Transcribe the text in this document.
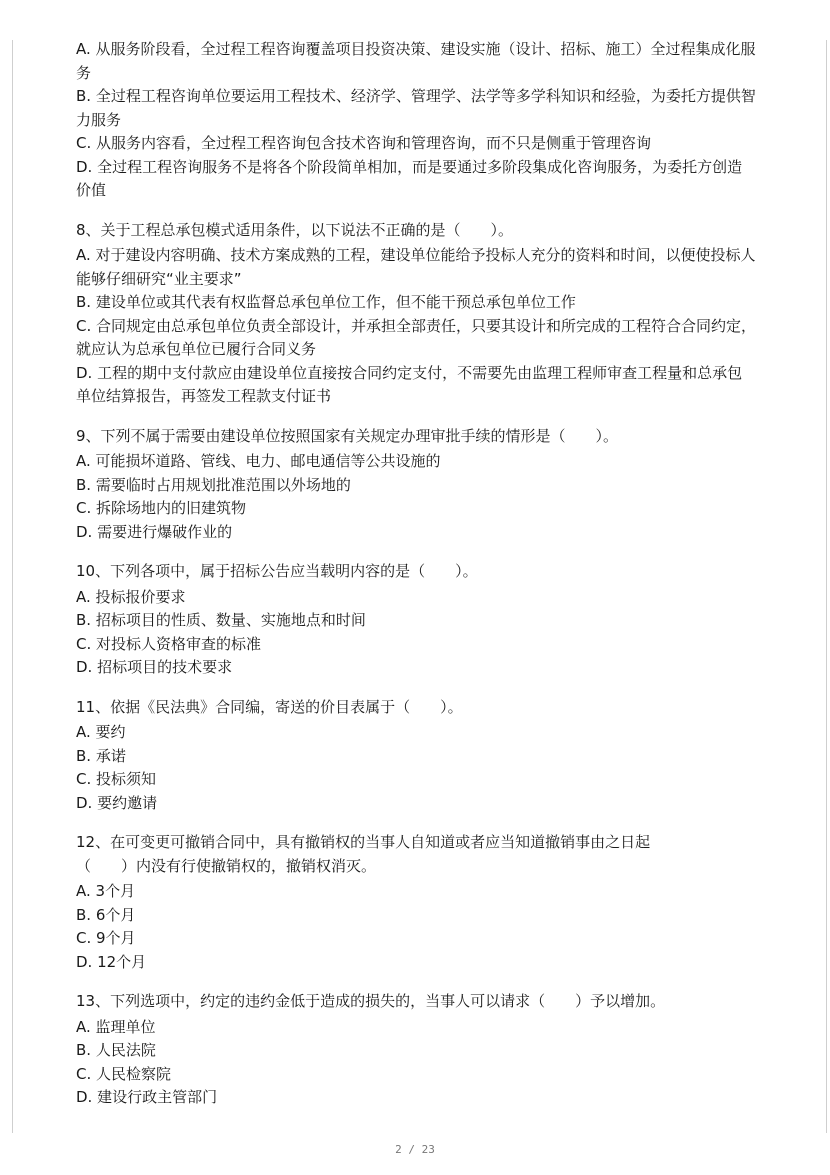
A. 从服务阶段看，全过程工程咨询覆盖项目投资决策、建设实施（设计、招标、施工）全过程集成化服务
B. 全过程工程咨询单位要运用工程技术、经济学、管理学、法学等多学科知识和经验，为委托方提供智力服务
C. 从服务内容看，全过程工程咨询包含技术咨询和管理咨询，而不只是侧重于管理咨询
D. 全过程工程咨询服务不是将各个阶段简单相加，而是要通过多阶段集成化咨询服务，为委托方创造价值
8、关于工程总承包模式适用条件，以下说法不正确的是（　　）。
A. 对于建设内容明确、技术方案成熟的工程，建设单位能给予投标人充分的资料和时间，以便使投标人能够仔细研究“业主要求”
B. 建设单位或其代表有权监督总承包单位工作，但不能干预总承包单位工作
C. 合同规定由总承包单位负责全部设计，并承担全部责任，只要其设计和所完成的工程符合合同约定，就应认为总承包单位已履行合同义务
D. 工程的期中支付款应由建设单位直接按合同约定支付，不需要先由监理工程师审查工程量和总承包单位结算报告，再签发工程款支付证书
9、下列不属于需要由建设单位按照国家有关规定办理审批手续的情形是（　　）。
A. 可能损坏道路、管线、电力、邮电通信等公共设施的
B. 需要临时占用规划批准范围以外场地的
C. 拆除场地内的旧建筑物
D. 需要进行爆破作业的
10、下列各项中，属于招标公告应当载明内容的是（　　）。
A. 投标报价要求
B. 招标项目的性质、数量、实施地点和时间
C. 对投标人资格审查的标准
D. 招标项目的技术要求
11、依据《民法典》合同编，寄送的价目表属于（　　）。
A. 要约
B. 承诺
C. 投标须知
D. 要约邀请
12、在可变更可撤销合同中，具有撤销权的当事人自知道或者应当知道撤销事由之日起
（　　）内没有行使撤销权的，撤销权消灭。
A. 3个月
B. 6个月
C. 9个月
D. 12个月
13、下列选项中，约定的违约金低于造成的损失的，当事人可以请求（　　）予以增加。
A. 监理单位
B. 人民法院
C. 人民检察院
D. 建设行政主管部门
2 / 23
